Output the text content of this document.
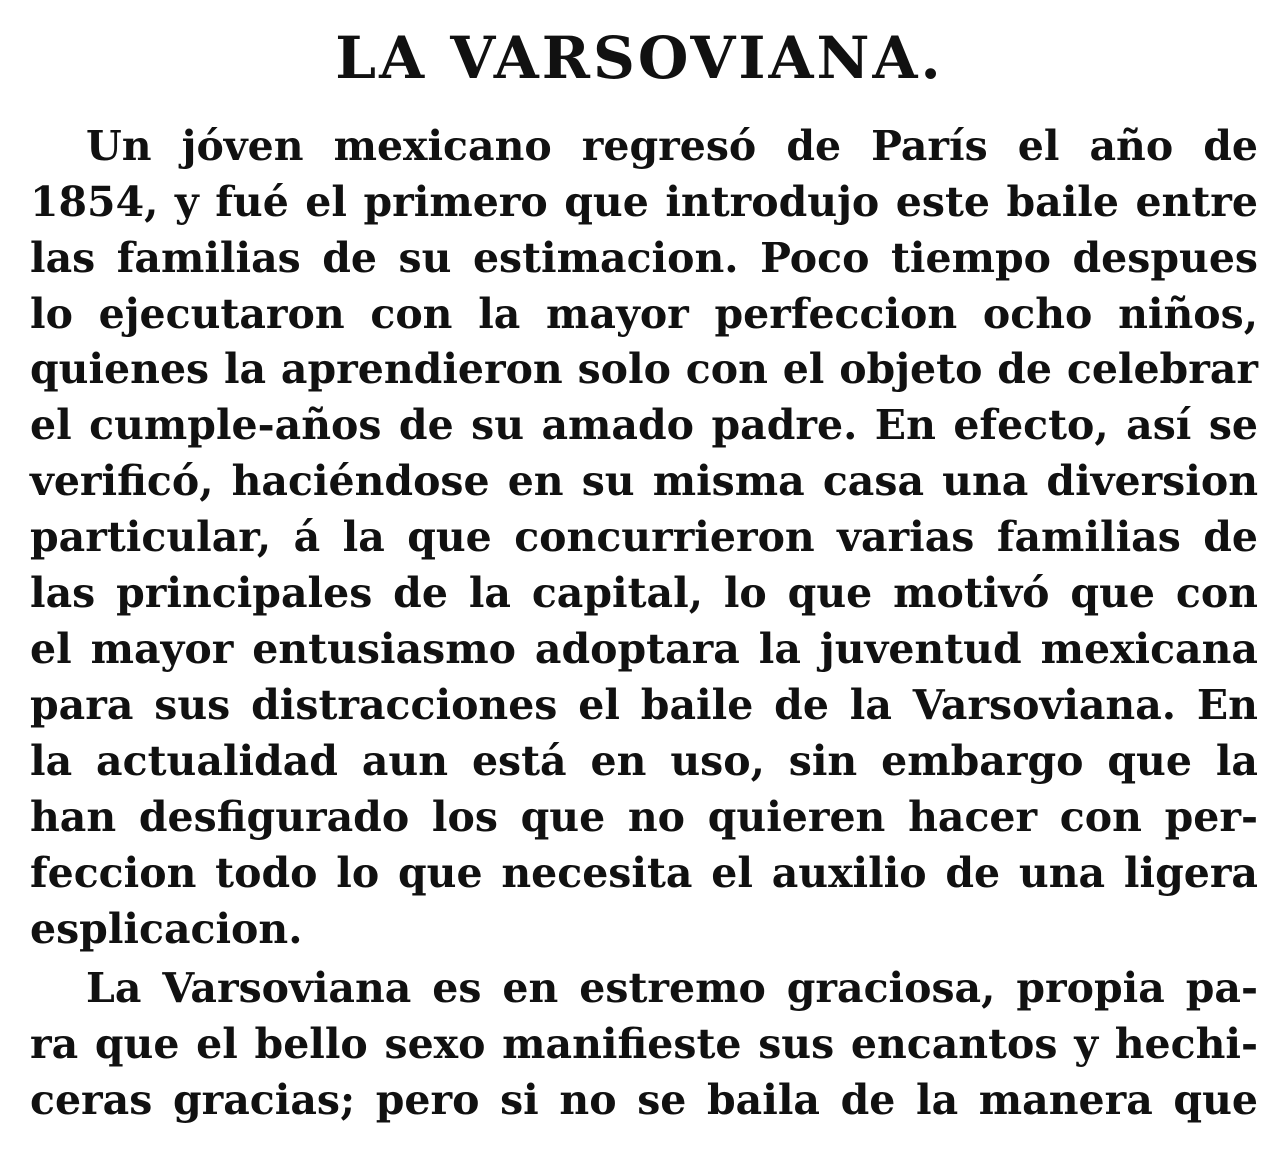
LA VARSOVIANA.
Un jóven mexicano regresó de París el año de
1854, y fué el primero que introdujo este baile entre
las familias de su estimacion. Poco tiempo despues
lo ejecutaron con la mayor perfeccion ocho niños,
quienes la aprendieron solo con el objeto de celebrar
el cumple-años de su amado padre. En efecto, así se
verificó, haciéndose en su misma casa una diversion
particular, á la que concurrieron varias familias de
las principales de la capital, lo que motivó que con
el mayor entusiasmo adoptara la juventud mexicana
para sus distracciones el baile de la Varsoviana. En
la actualidad aun está en uso, sin embargo que la
han desfigurado los que no quieren hacer con per-
feccion todo lo que necesita el auxilio de una ligera
esplicacion.
La Varsoviana es en estremo graciosa, propia pa-
ra que el bello sexo manifieste sus encantos y hechi-
ceras gracias; pero si no se baila de la manera que
